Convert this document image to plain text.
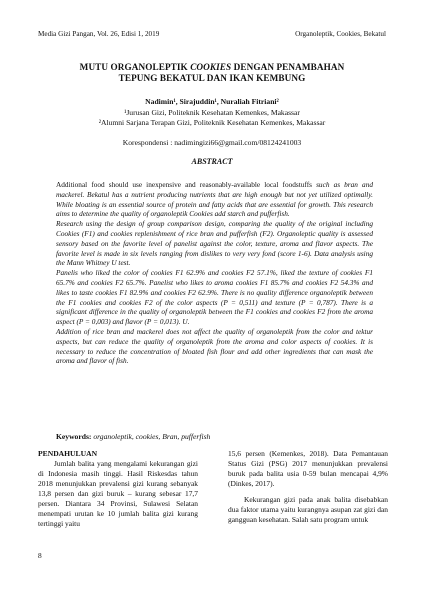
Media Gizi Pangan, Vol. 26, Edisi 1, 2019	Organoleptik, Cookies, Bekatul
MUTU ORGANOLEPTIK COOKIES DENGAN PENAMBAHAN
TEPUNG BEKATUL DAN IKAN KEMBUNG
Nadimin¹, Sirajuddin¹, Nuraliah Fitriani²
¹Jurusan Gizi, Politeknik Kesehatan Kemenkes, Makassar
²Alumni Sarjana Terapan Gizi, Politeknik Kesehatan Kemenkes, Makassar
Korespondensi : nadimingizi66@gmail.com/08124241003
ABSTRACT

Additional food should use inexpensive and reasonably-available local foodstuffs such as bran and mackerel. Bekatul has a nutrient producing nutrients that are high enough but not yet utilized optimally. While bloating is an essential source of protein and fatty acids that are essential for growth. This research aims to determine the quality of organoleptik Cookies add starch and pufferfish.

Research using the design of group comparison design, comparing the quality of the original including Cookies (F1) and cookies replenishment of rice bran and pufferfish (F2). Organoleptic quality is assessed sensory based on the favorite level of panelist against the color, texture, aroma and flavor aspects. The favorite level is made in six levels ranging from dislikes to very very fond (score 1-6). Data analysis using the Mann Whitney U test.

Panelis who liked the color of cookies F1 62.9% and cookies F2 57.1%, liked the texture of cookies F1 65.7% and cookies F2 65.7%. Panelist who likes to aroma cookies F1 85.7% and cookies F2 54.3% and likes to taste cookies F1 82.9% and cookies F2 62.9%. There is no quality difference organoleptik between the F1 cookies and cookies F2 of the color aspects (P = 0,511) and texture (P = 0,787). There is a significant difference in the quality of organoleptik between the F1 cookies and cookies F2 from the aroma aspect (P = 0,003) and flavor (P = 0,013). U.

Addition of rice bran and mackerel does not affect the quality of organoleptik from the color and tektur aspects, but can reduce the quality of organoleptik from the aroma and color aspects of cookies. It is necessary to reduce the concentration of bloated fish flour and add other ingredients that can mask the aroma and flavor of fish.

Keywords: organoleptik, cookies, Bran, pufferfish
PENDAHULUAN

Jumlah balita yang mengalami kekurangan gizi di Indonesia masih tinggi. Hasil Riskesdas tahun 2018 menunjukkan prevalensi gizi kurang sebanyak 13,8 persen dan gizi buruk – kurang sebesar 17,7 persen. Diantara 34 Provinsi, Sulawesi Selatan menempati urutan ke 10 jumlah balita gizi kurang tertinggi yaitu

15,6 persen (Kemenkes, 2018). Data Pemantauan Status Gizi (PSG) 2017 menunjukkan prevalensi buruk pada balita usia 0-59 bulan mencapai 4,9% (Dinkes, 2017).

Kekurangan gizi pada anak balita disebabkan dua faktor utama yaitu kurangnya asupan zat gizi dan gangguan kesehatan. Salah satu program untuk

8
